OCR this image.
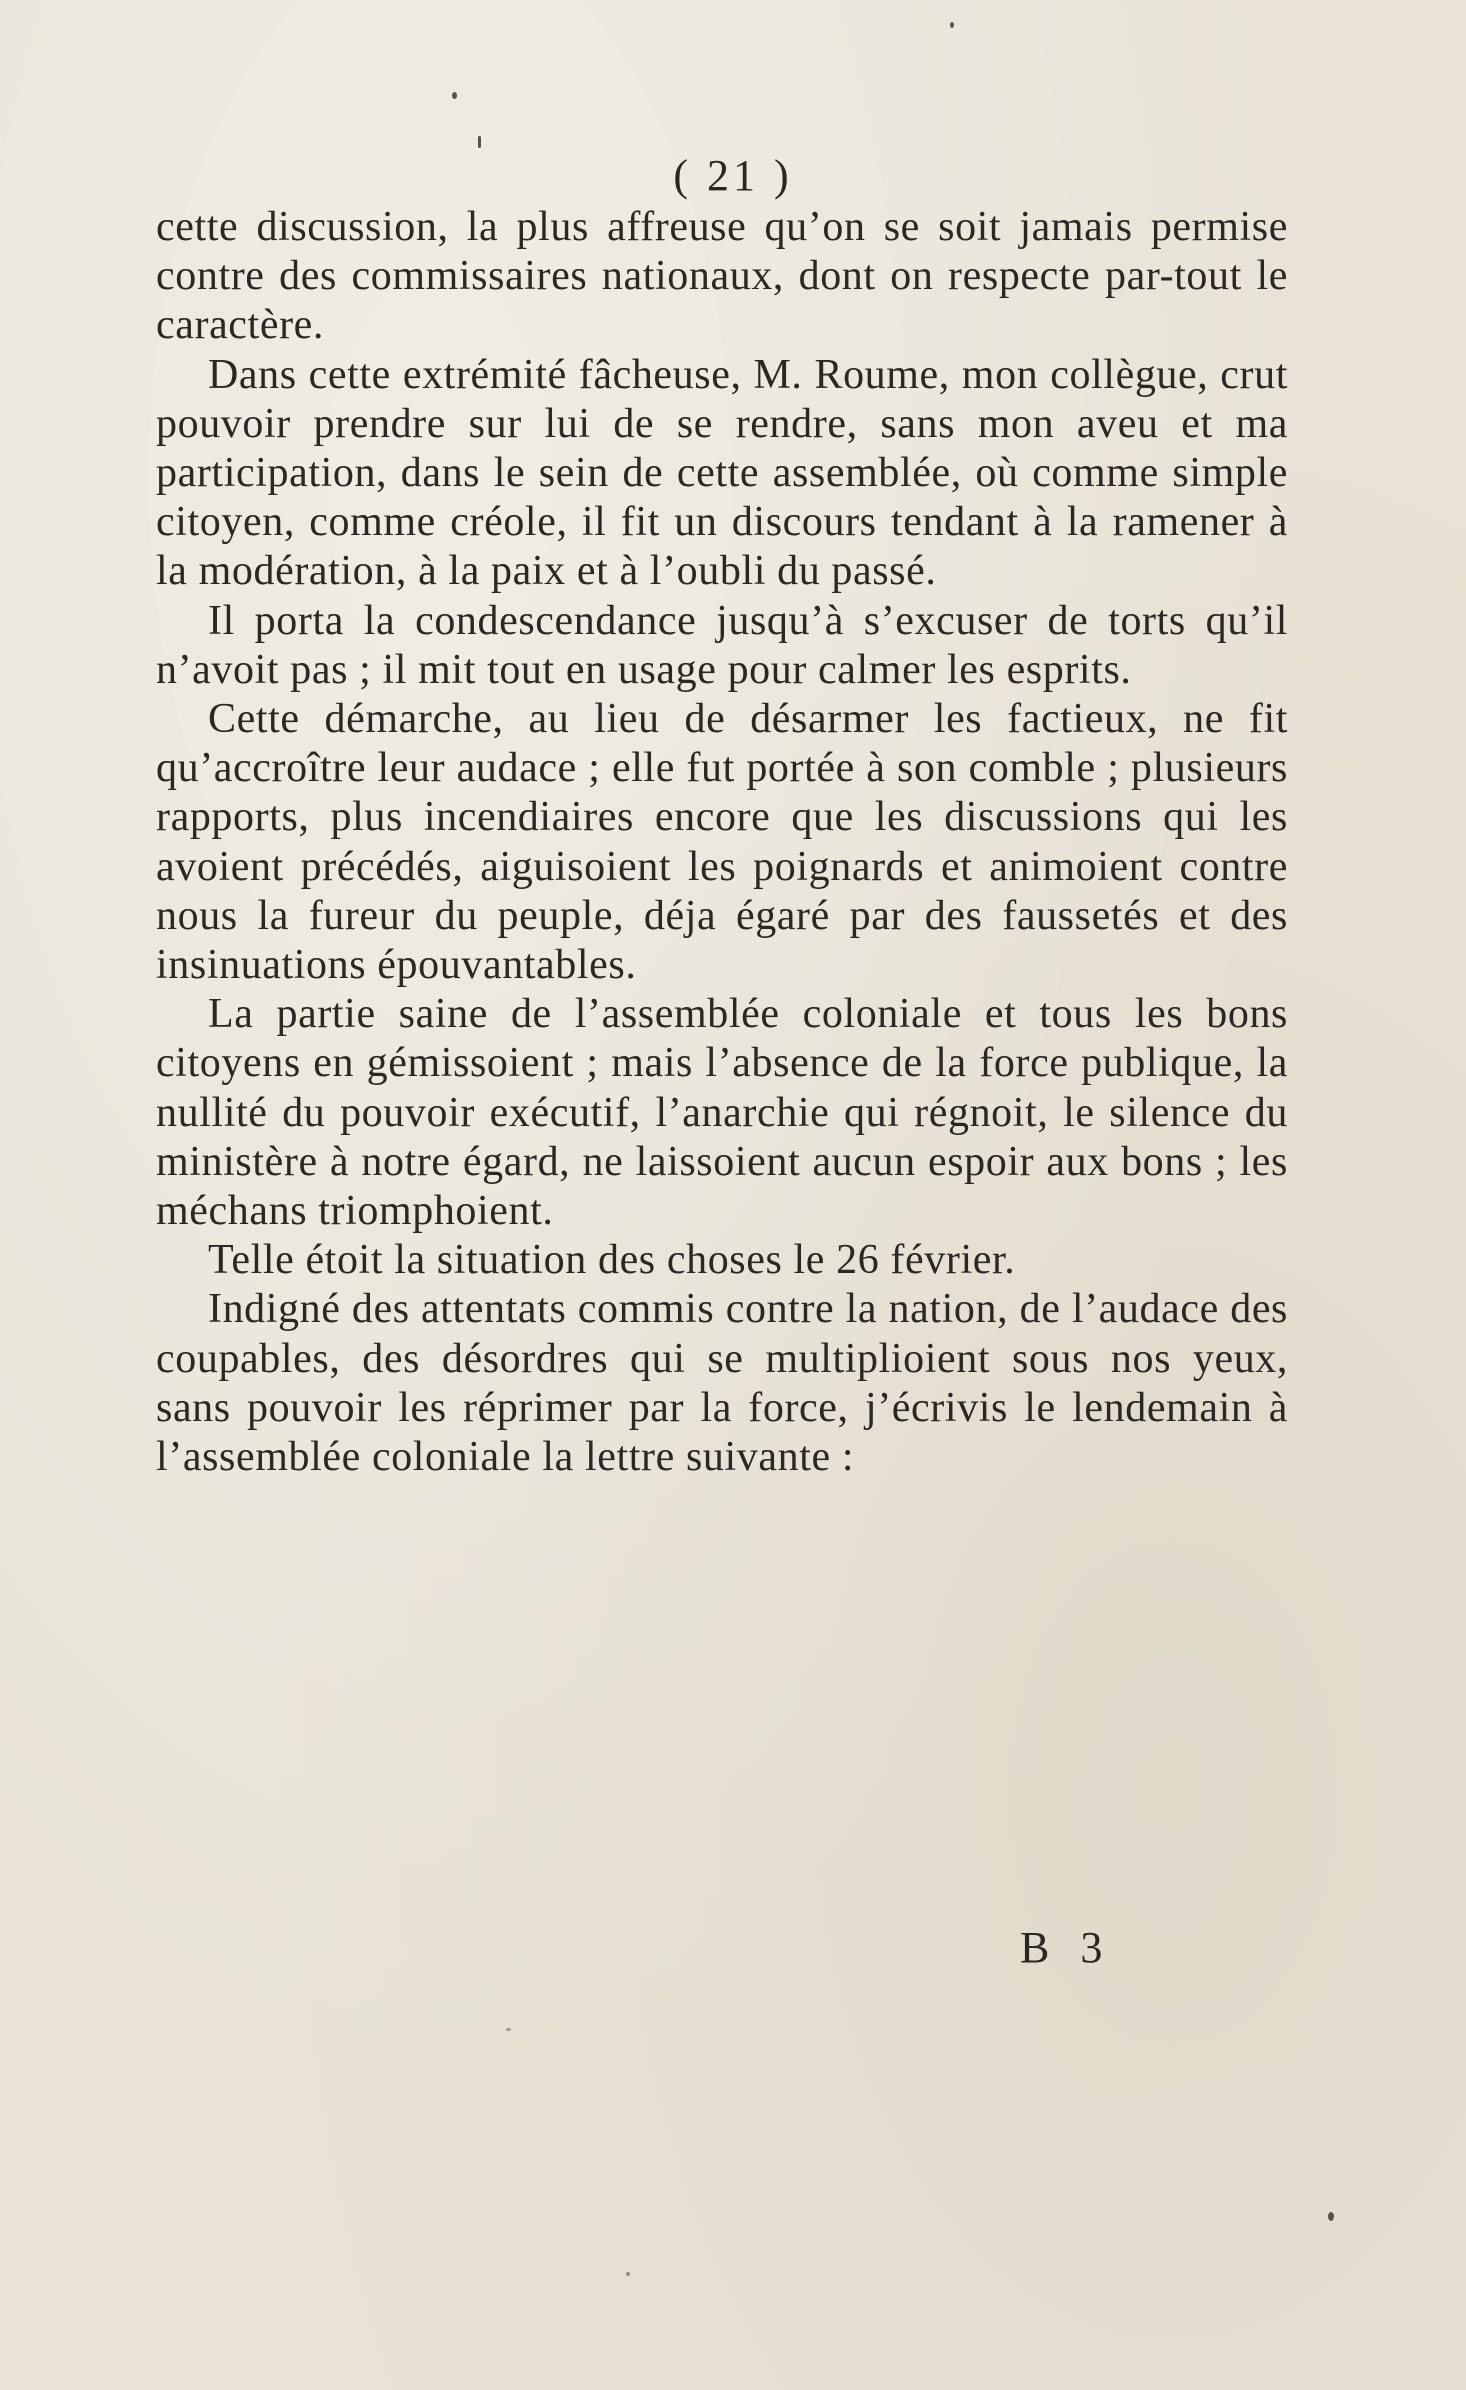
( 21 )

cette discussion, la plus affreuse qu’on se soit jamais permise contre des commissaires nationaux, dont on respecte par-tout le caractère.

Dans cette extrémité fâcheuse, M. Roume, mon collègue, crut pouvoir prendre sur lui de se rendre, sans mon aveu et ma participation, dans le sein de cette assemblée, où comme simple citoyen, comme créole, il fit un discours tendant à la ramener à la modération, à la paix et à l’oubli du passé.

Il porta la condescendance jusqu’à s’excuser de torts qu’il n’avoit pas ; il mit tout en usage pour calmer les esprits.

Cette démarche, au lieu de désarmer les factieux, ne fit qu’accroître leur audace ; elle fut portée à son comble ; plusieurs rapports, plus incendiaires encore que les discussions qui les avoient précédés, aiguisoient les poignards et animoient contre nous la fureur du peuple, déja égaré par des faussetés et des insinuations épouvantables.

La partie saine de l’assemblée coloniale et tous les bons citoyens en gémissoient ; mais l’absence de la force publique, la nullité du pouvoir exécutif, l’anarchie qui régnoit, le silence du ministère à notre égard, ne laissoient aucun espoir aux bons ; les méchans triomphoient.

Telle étoit la situation des choses le 26 février.

Indigné des attentats commis contre la nation, de l’audace des coupables, des désordres qui se multiplioient sous nos yeux, sans pouvoir les réprimer par la force, j’écrivis le lendemain à l’assemblée coloniale la lettre suivante :

B 3
